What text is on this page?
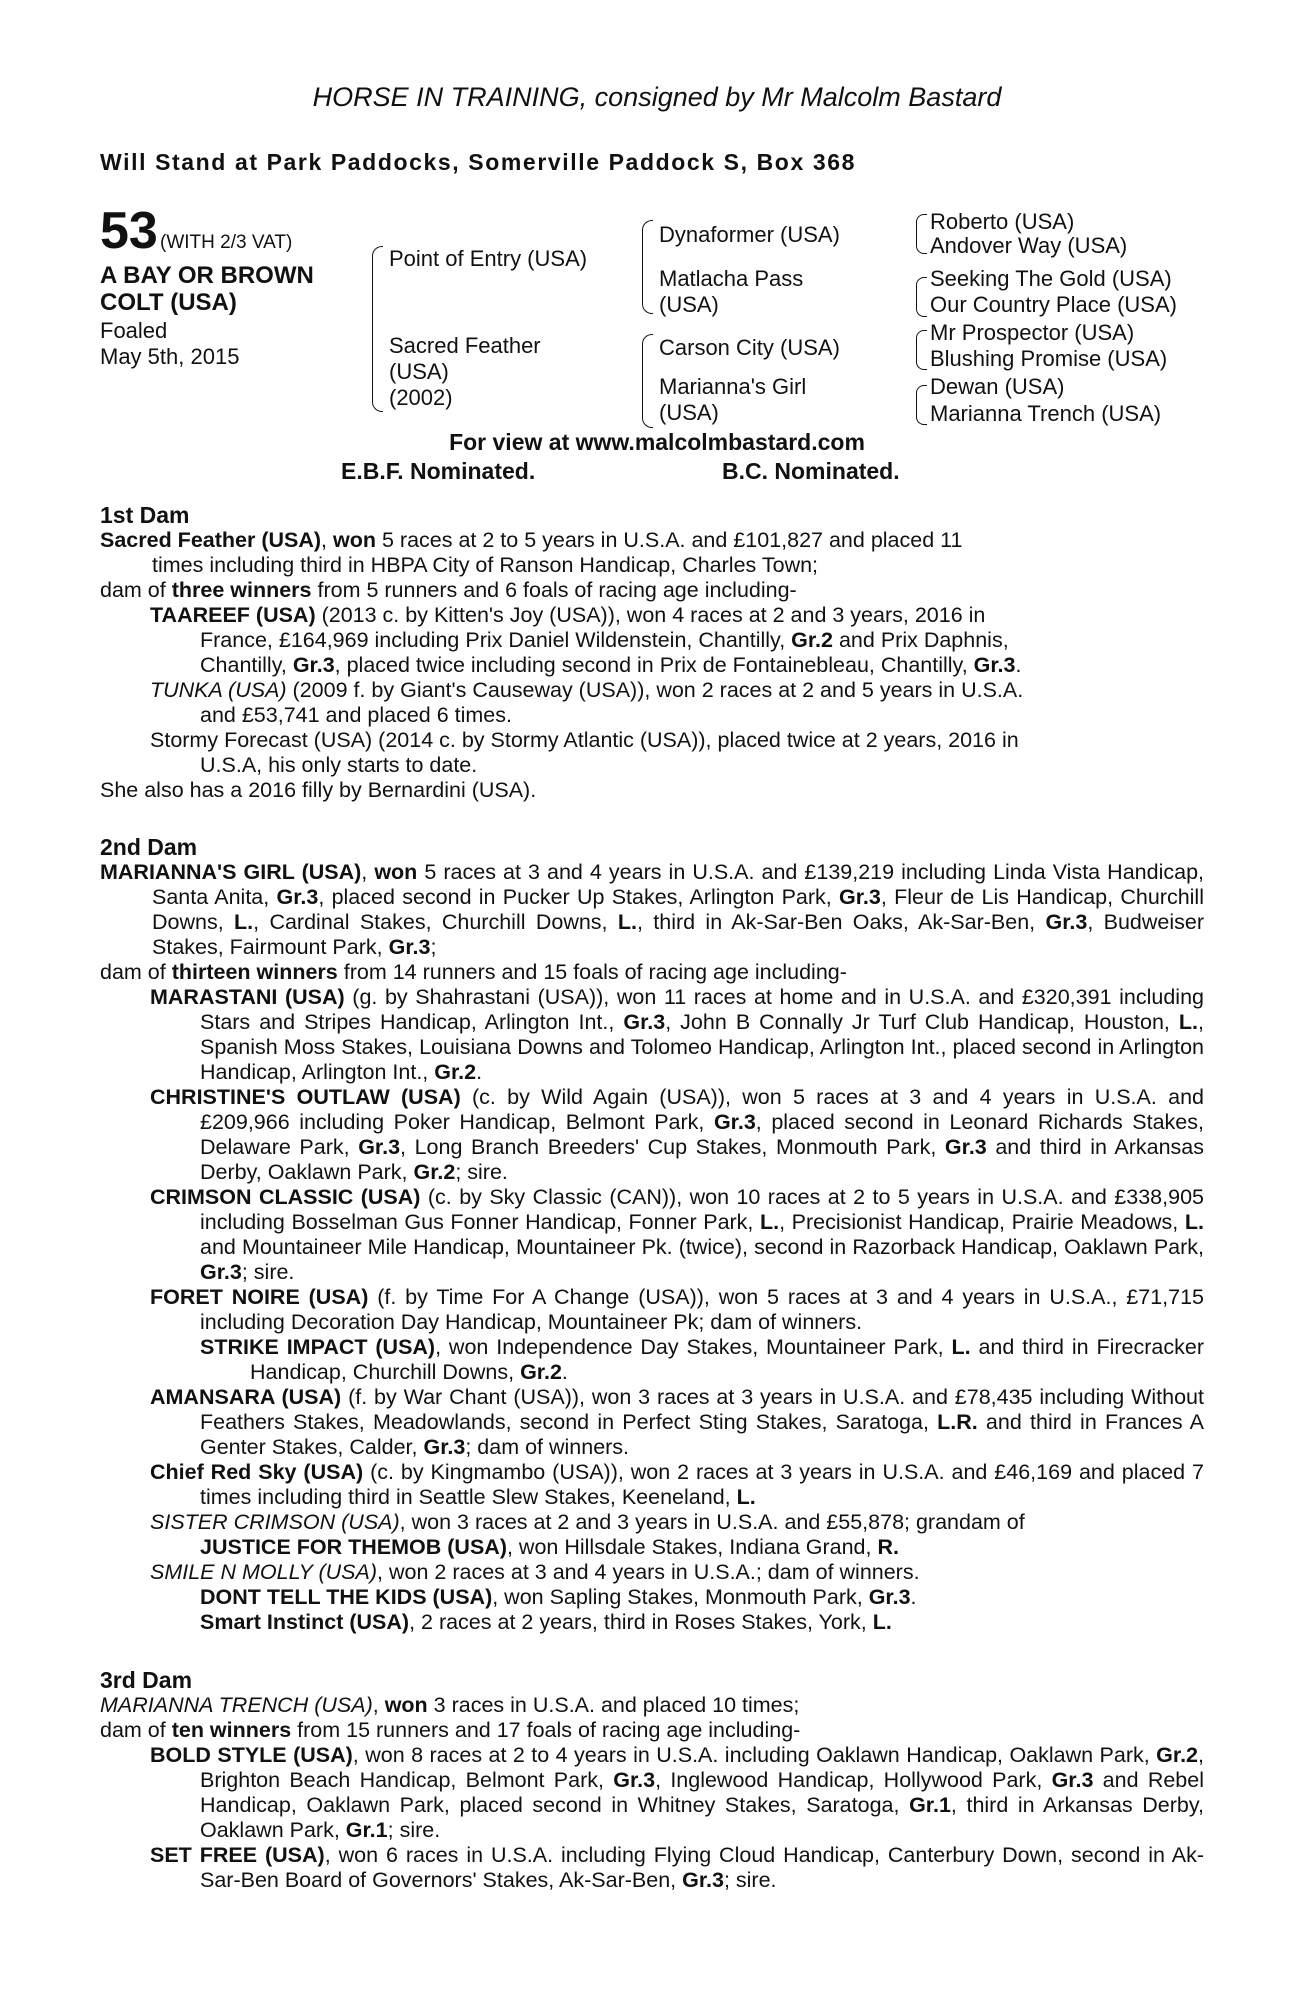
HORSE IN TRAINING, consigned by Mr Malcolm Bastard
Will Stand at Park Paddocks, Somerville Paddock S, Box 368
53 (WITH 2/3 VAT)
A BAY OR BROWN
COLT (USA)
Foaled
May 5th, 2015
Point of Entry (USA)
Sacred Feather
(USA)
(2002)
Dynaformer (USA)
Matlacha Pass
(USA)
Carson City (USA)
Marianna's Girl
(USA)
Roberto (USA)
Andover Way (USA)
Seeking The Gold (USA)
Our Country Place (USA)
Mr Prospector (USA)
Blushing Promise (USA)
Dewan (USA)
Marianna Trench (USA)
For view at www.malcolmbastard.com
E.B.F. Nominated.	B.C. Nominated.
1st Dam

Sacred Feather (USA), won 5 races at 2 to 5 years in U.S.A. and £101,827 and placed 11

times including third in HBPA City of Ranson Handicap, Charles Town;

dam of three winners from 5 runners and 6 foals of racing age including-

TAAREEF (USA) (2013 c. by Kitten's Joy (USA)), won 4 races at 2 and 3 years, 2016 in

France, £164,969 including Prix Daniel Wildenstein, Chantilly, Gr.2 and Prix Daphnis,

Chantilly, Gr.3, placed twice including second in Prix de Fontainebleau, Chantilly, Gr.3.

TUNKA (USA) (2009 f. by Giant's Causeway (USA)), won 2 races at 2 and 5 years in U.S.A.

and £53,741 and placed 6 times.

Stormy Forecast (USA) (2014 c. by Stormy Atlantic (USA)), placed twice at 2 years, 2016 in

U.S.A, his only starts to date.

She also has a 2016 filly by Bernardini (USA).

2nd Dam

MARIANNA'S GIRL (USA), won 5 races at 3 and 4 years in U.S.A. and £139,219 including Linda Vista Handicap, Santa Anita, Gr.3, placed second in Pucker Up Stakes, Arlington Park, Gr.3, Fleur de Lis Handicap, Churchill Downs, L., Cardinal Stakes, Churchill Downs, L., third in Ak-Sar-Ben Oaks, Ak-Sar-Ben, Gr.3, Budweiser Stakes, Fairmount Park, Gr.3;

dam of thirteen winners from 14 runners and 15 foals of racing age including-

MARASTANI (USA) (g. by Shahrastani (USA)), won 11 races at home and in U.S.A. and £320,391 including Stars and Stripes Handicap, Arlington Int., Gr.3, John B Connally Jr Turf Club Handicap, Houston, L., Spanish Moss Stakes, Louisiana Downs and Tolomeo Handicap, Arlington Int., placed second in Arlington Handicap, Arlington Int., Gr.2.

CHRISTINE'S OUTLAW (USA) (c. by Wild Again (USA)), won 5 races at 3 and 4 years in U.S.A. and £209,966 including Poker Handicap, Belmont Park, Gr.3, placed second in Leonard Richards Stakes, Delaware Park, Gr.3, Long Branch Breeders' Cup Stakes, Monmouth Park, Gr.3 and third in Arkansas Derby, Oaklawn Park, Gr.2; sire.

CRIMSON CLASSIC (USA) (c. by Sky Classic (CAN)), won 10 races at 2 to 5 years in U.S.A. and £338,905 including Bosselman Gus Fonner Handicap, Fonner Park, L., Precisionist Handicap, Prairie Meadows, L. and Mountaineer Mile Handicap, Mountaineer Pk. (twice), second in Razorback Handicap, Oaklawn Park, Gr.3; sire.

FORET NOIRE (USA) (f. by Time For A Change (USA)), won 5 races at 3 and 4 years in U.S.A., £71,715 including Decoration Day Handicap, Mountaineer Pk; dam of winners.

STRIKE IMPACT (USA), won Independence Day Stakes, Mountaineer Park, L. and third in Firecracker Handicap, Churchill Downs, Gr.2.

AMANSARA (USA) (f. by War Chant (USA)), won 3 races at 3 years in U.S.A. and £78,435 including Without Feathers Stakes, Meadowlands, second in Perfect Sting Stakes, Saratoga, L.R. and third in Frances A Genter Stakes, Calder, Gr.3; dam of winners.

Chief Red Sky (USA) (c. by Kingmambo (USA)), won 2 races at 3 years in U.S.A. and £46,169 and placed 7 times including third in Seattle Slew Stakes, Keeneland, L.

SISTER CRIMSON (USA), won 3 races at 2 and 3 years in U.S.A. and £55,878; grandam of

JUSTICE FOR THEMOB (USA), won Hillsdale Stakes, Indiana Grand, R.

SMILE N MOLLY (USA), won 2 races at 3 and 4 years in U.S.A.; dam of winners.

DONT TELL THE KIDS (USA), won Sapling Stakes, Monmouth Park, Gr.3.

Smart Instinct (USA), 2 races at 2 years, third in Roses Stakes, York, L.

3rd Dam

MARIANNA TRENCH (USA), won 3 races in U.S.A. and placed 10 times;

dam of ten winners from 15 runners and 17 foals of racing age including-

BOLD STYLE (USA), won 8 races at 2 to 4 years in U.S.A. including Oaklawn Handicap, Oaklawn Park, Gr.2, Brighton Beach Handicap, Belmont Park, Gr.3, Inglewood Handicap, Hollywood Park, Gr.3 and Rebel Handicap, Oaklawn Park, placed second in Whitney Stakes, Saratoga, Gr.1, third in Arkansas Derby, Oaklawn Park, Gr.1; sire.

SET FREE (USA), won 6 races in U.S.A. including Flying Cloud Handicap, Canterbury Down, second in Ak-Sar-Ben Board of Governors' Stakes, Ak-Sar-Ben, Gr.3; sire.
